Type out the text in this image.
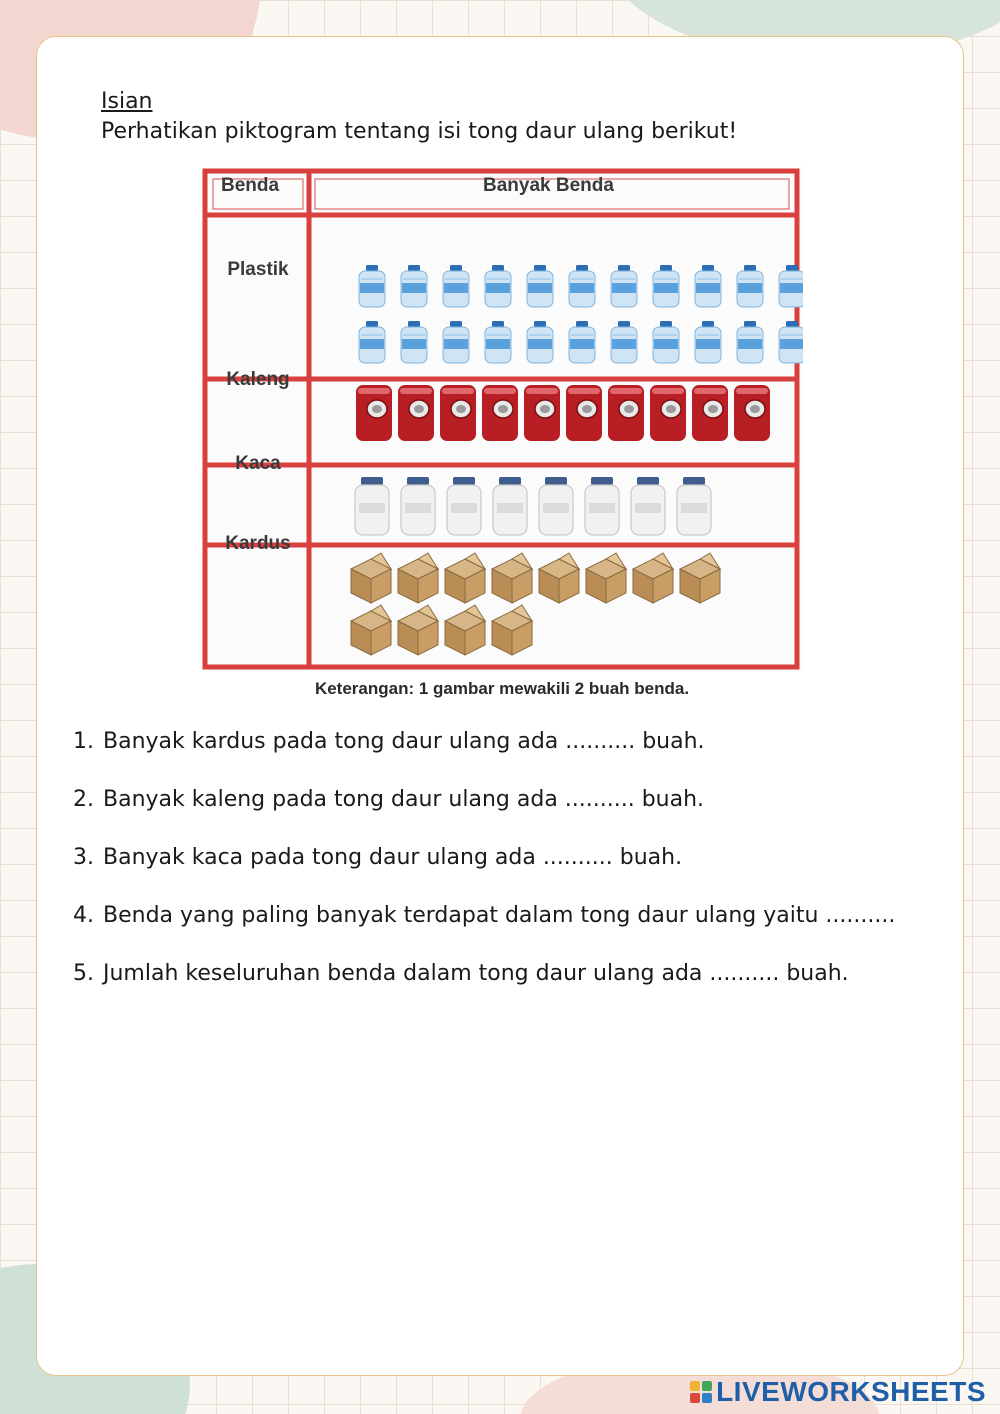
Isian
Perhatikan piktogram tentang isi tong daur ulang berikut!
Benda	Banyak Benda
Plastik
Kaleng
Kaca
Kardus
Keterangan: 1 gambar mewakili 2 buah benda.
1. Banyak kardus pada tong daur ulang ada .......... buah.
2. Banyak kaleng pada tong daur ulang ada .......... buah.
3. Banyak kaca pada tong daur ulang ada .......... buah.
4. Benda yang paling banyak terdapat dalam tong daur ulang yaitu ..........
5. Jumlah keseluruhan benda dalam tong daur ulang ada .......... buah.
LIVEWORKSHEETS
